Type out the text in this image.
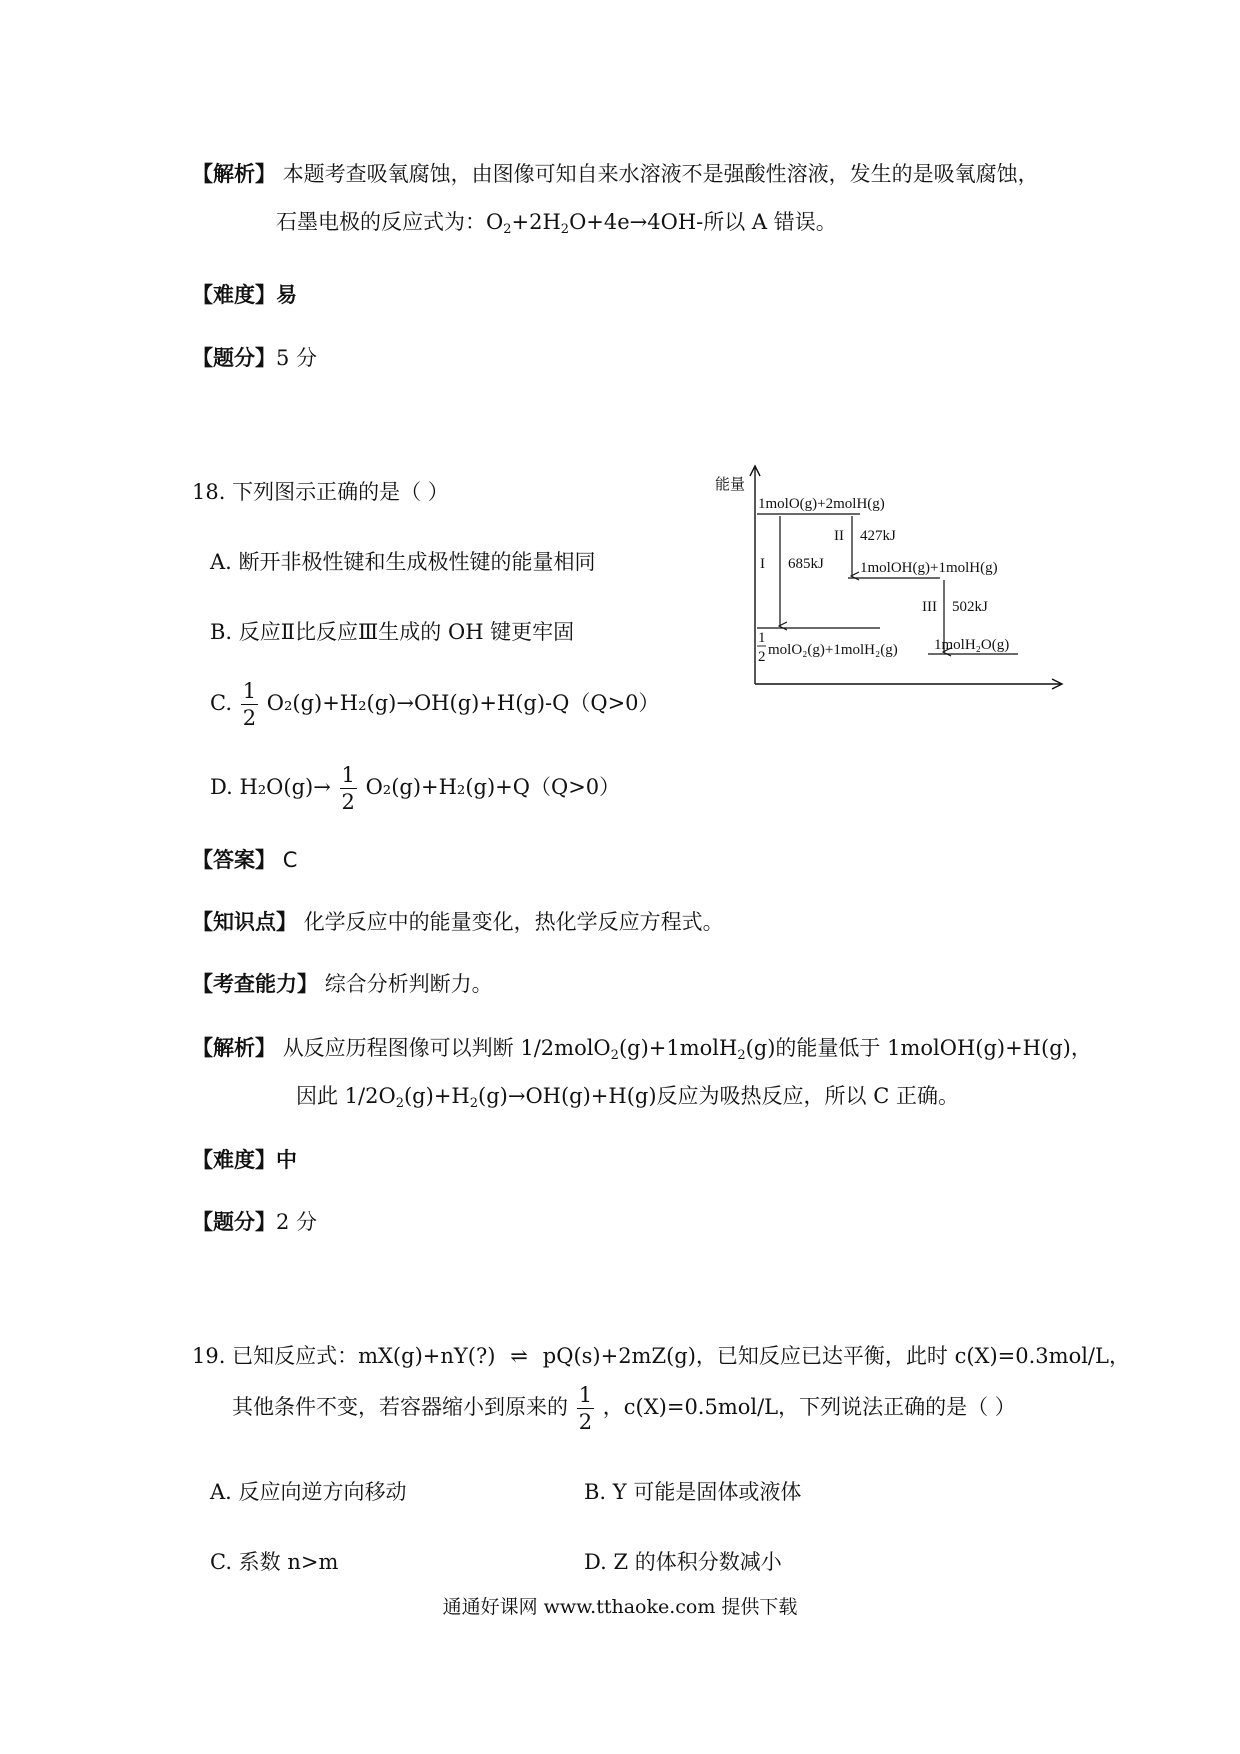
【解析】 本题考查吸氧腐蚀，由图像可知自来水溶液不是强酸性溶液，发生的是吸氧腐蚀，
石墨电极的反应式为：$O_2+2H_2O+4e\to 4OH-$所以 A 错误。
【难度】易
【题分】5 分
18. 下列图示正确的是（ ）
A. 断开非极性键和生成极性键的能量相同
B. 反应Ⅱ比反应Ⅲ生成的 OH 键更牢固
C. $\frac{1}{2} O_2(g)+H_2(g)\to OH(g)+H(g)-Q(Q>0)$
D. $H_2O(g)\to \frac{1}{2} O_2(g)+H_2(g)+Q(Q>0)$
能量
1molO(g)+2molH(g)
1molOH(g)+1molH(g)
1
2 molO₂(g)+1molH₂(g) 1molH₂O(g)
I 685kJ
II 427kJ
III 502kJ
【答案】 C
【知识点】 化学反应中的能量变化，热化学反应方程式。
【考查能力】 综合分析判断力。
【解析】 从反应历程图像可以判断 1/2molO$_2$(g)+1molH$_2$(g)的能量低于 1molOH(g)+H(g)，
因此 $1/2O_2(g)+H_2(g)\to OH(g)+H(g)$反应为吸热反应，所以 C 正确。
【难度】中
【题分】2 分
19. 已知反应式：mX(g)+nY(?) ⇌ pQ(s)+2mZ(g)，已知反应已达平衡，此时 c(X)=0.3mol/L，
其他条件不变，若容器缩小到原来的 $\frac{1}{2}$ ，c(X)=0.5mol/L，下列说法正确的是（ ）
A. 反应向逆方向移动	B. Y 可能是固体或液体
C. 系数 n>m	D. Z 的体积分数减小
通通好课网 www.tthaoke.com 提供下载
